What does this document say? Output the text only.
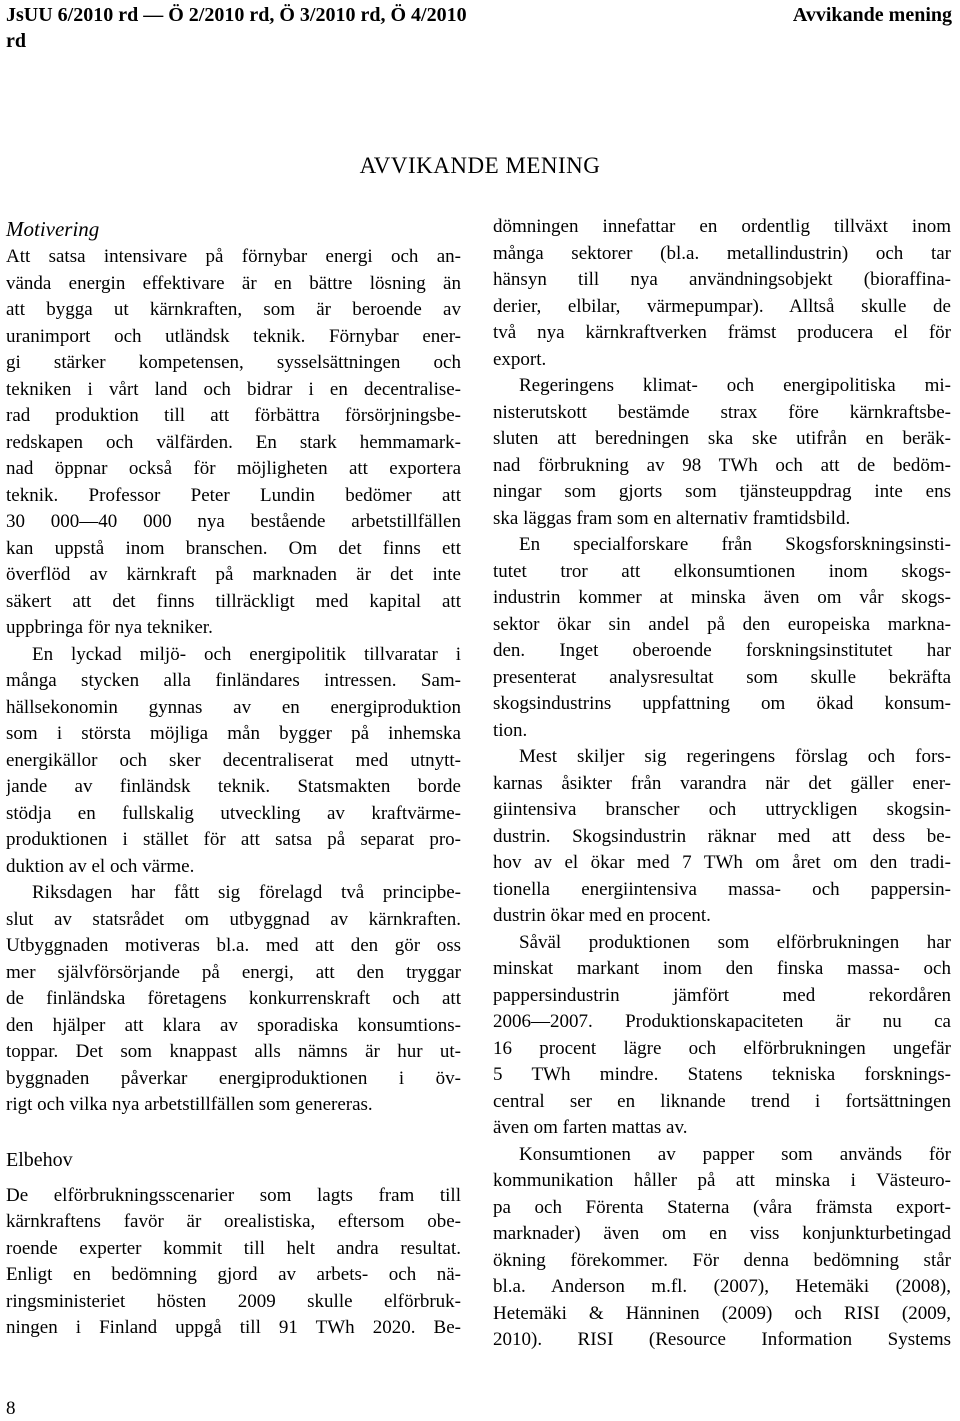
JsUU 6/2010 rd — Ö 2/2010 rd, Ö 3/2010 rd, Ö 4/2010
rd
Avvikande mening
AVVIKANDE MENING
Motivering
Att satsa intensivare på förnybar energi och an-
vända energin effektivare är en bättre lösning än
att bygga ut kärnkraften, som är beroende av
uranimport och utländsk teknik. Förnybar ener-
gi stärker kompetensen, sysselsättningen och
tekniken i vårt land och bidrar i en decentralise-
rad produktion till att förbättra försörjningsbe-
redskapen och välfärden. En stark hemmamark-
nad öppnar också för möjligheten att exportera
teknik. Professor Peter Lundin bedömer att
30 000—40 000 nya bestående arbetstillfällen
kan uppstå inom branschen. Om det finns ett
överflöd av kärnkraft på marknaden är det inte
säkert att det finns tillräckligt med kapital att
uppbringa för nya tekniker.
En lyckad miljö- och energipolitik tillvaratar i
många stycken alla finländares intressen. Sam-
hällsekonomin gynnas av en energiproduktion
som i största möjliga mån bygger på inhemska
energikällor och sker decentraliserat med utnytt-
jande av finländsk teknik. Statsmakten borde
stödja en fullskalig utveckling av kraftvärme-
produktionen i stället för att satsa på separat pro-
duktion av el och värme.
Riksdagen har fått sig förelagd två principbe-
slut av statsrådet om utbyggnad av kärnkraften.
Utbyggnaden motiveras bl.a. med att den gör oss
mer självförsörjande på energi, att den tryggar
de finländska företagens konkurrenskraft och att
den hjälper att klara av sporadiska konsumtions-
toppar. Det som knappast alls nämns är hur ut-
byggnaden påverkar energiproduktionen i öv-
rigt och vilka nya arbetstillfällen som genereras.
Elbehov
De elförbrukningsscenarier som lagts fram till
kärnkraftens favör är orealistiska, eftersom obe-
roende experter kommit till helt andra resultat.
Enligt en bedömning gjord av arbets- och nä-
ringsministeriet hösten 2009 skulle elförbruk-
ningen i Finland uppgå till 91 TWh 2020. Be-
dömningen innefattar en ordentlig tillväxt inom
många sektorer (bl.a. metallindustrin) och tar
hänsyn till nya användningsobjekt (bioraffina-
derier, elbilar, värmepumpar). Alltså skulle de
två nya kärnkraftverken främst producera el för
export.
Regeringens klimat- och energipolitiska mi-
nisterutskott bestämde strax före kärnkraftsbe-
sluten att beredningen ska ske utifrån en beräk-
nad förbrukning av 98 TWh och att de bedöm-
ningar som gjorts som tjänsteuppdrag inte ens
ska läggas fram som en alternativ framtidsbild.
En specialforskare från Skogsforskningsinsti-
tutet tror att elkonsumtionen inom skogs-
industrin kommer at minska även om vår skogs-
sektor ökar sin andel på den europeiska markna-
den. Inget oberoende forskningsinstitutet har
presenterat analysresultat som skulle bekräfta
skogsindustrins uppfattning om ökad konsum-
tion.
Mest skiljer sig regeringens förslag och fors-
karnas åsikter från varandra när det gäller ener-
giintensiva branscher och uttryckligen skogsin-
dustrin. Skogsindustrin räknar med att dess be-
hov av el ökar med 7 TWh om året om den tradi-
tionella energiintensiva massa- och pappersin-
dustrin ökar med en procent.
Såväl produktionen som elförbrukningen har
minskat markant inom den finska massa- och
pappersindustrin jämfört med rekordåren
2006—2007. Produktionskapaciteten är nu ca
16 procent lägre och elförbrukningen ungefär
5 TWh mindre. Statens tekniska forsknings-
central ser en liknande trend i fortsättningen
även om farten mattas av.
Konsumtionen av papper som används för
kommunikation håller på att minska i Västeuro-
pa och Förenta Staterna (våra främsta export-
marknader) även om en viss konjunkturbetingad
ökning förekommer. För denna bedömning står
bl.a. Anderson m.fl. (2007), Hetemäki (2008),
Hetemäki & Hänninen (2009) och RISI (2009,
2010). RISI (Resource Information Systems
8
